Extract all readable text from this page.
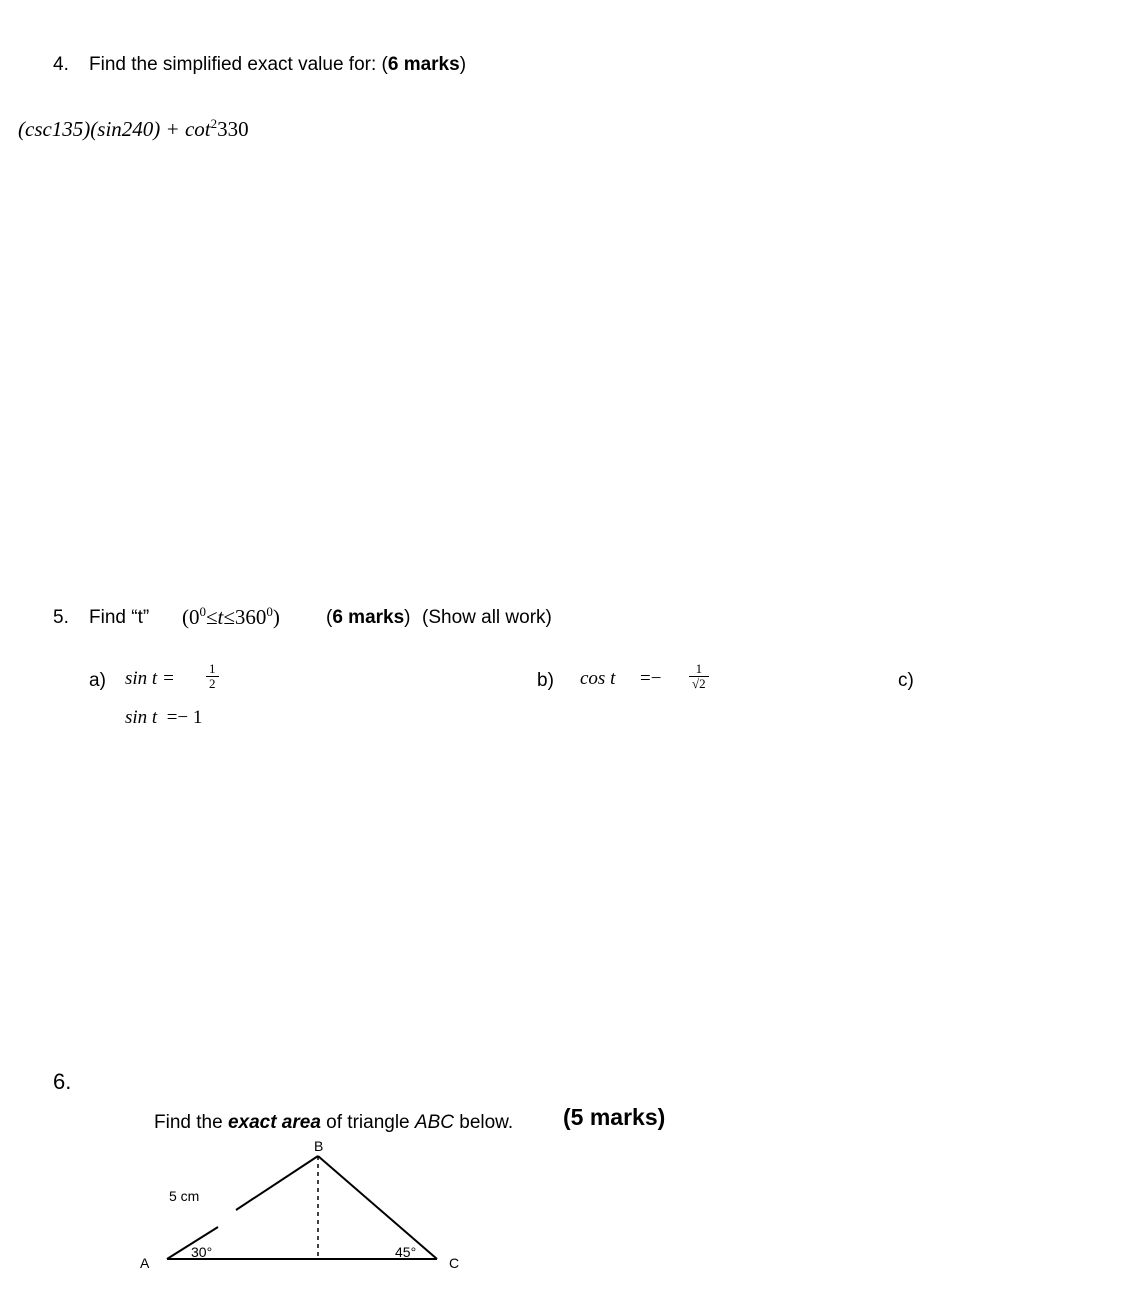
4. Find the simplified exact value for: (6 marks)
$(\csc 135)(\sin 240) + \cot^2330$
5. Find “t” $(0^0\le t\le 360^0)$ (6 marks) (Show all work)
a) $\sin t = \frac{1}{2}$
sin t =− 1
b) $\cos t =- \frac{1}{√2}$	c)
6.
Find the exact area of triangle ABC below. (5 marks)
B
A	C
5 cm
30°	45°
